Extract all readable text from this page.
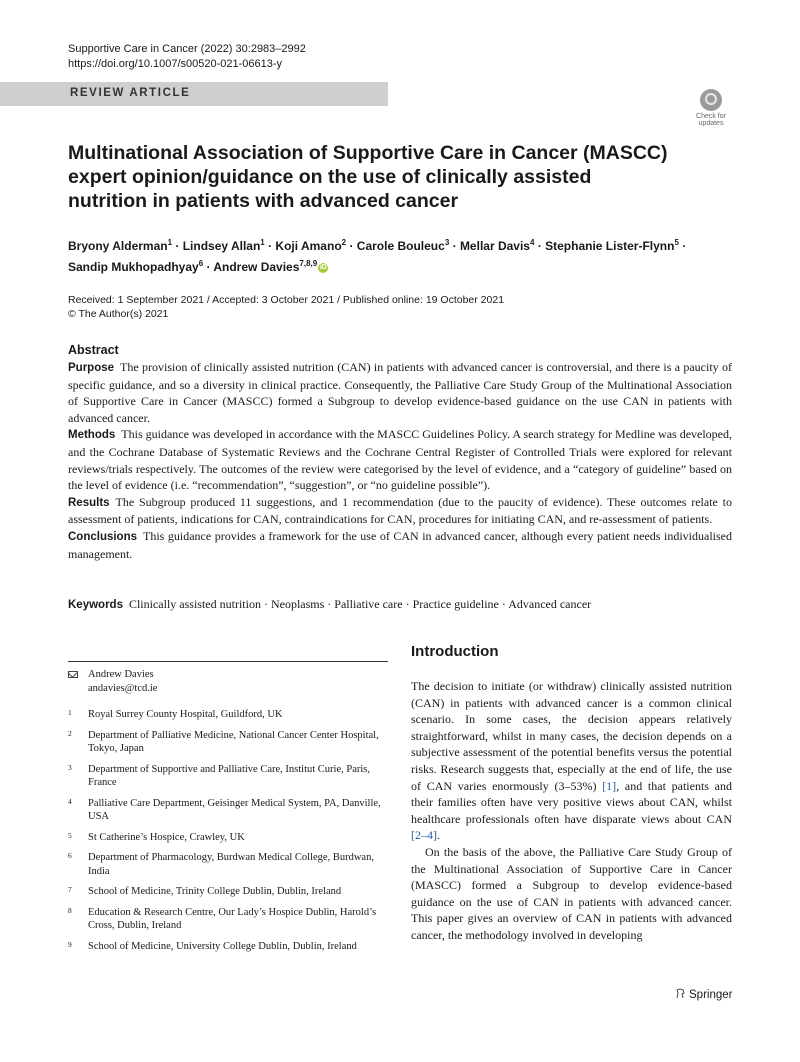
Supportive Care in Cancer (2022) 30:2983–2992
https://doi.org/10.1007/s00520-021-06613-y
REVIEW ARTICLE
Check for
updates
Multinational Association of Supportive Care in Cancer (MASCC) expert opinion/guidance on the use of clinically assisted nutrition in patients with advanced cancer
Bryony Alderman$^1$ · Lindsey Allan$^1$ · Koji Amano$^2$ · Carole Bouleuc$^3$ · Mellar Davis$^4$ · Stephanie Lister-Flynn$^5$ ·
Sandip Mukhopadhyay$^6$ · Andrew Davies$^{7,8,9}$ iD
Received: 1 September 2021 / Accepted: 3 October 2021 / Published online: 19 October 2021
© The Author(s) 2021
Abstract

Purpose The provision of clinically assisted nutrition (CAN) in patients with advanced cancer is controversial, and there is a paucity of specific guidance, and so a diversity in clinical practice. Consequently, the Palliative Care Study Group of the Multinational Association of Supportive Care in Cancer (MASCC) formed a Subgroup to develop evidence-based guidance on the use CAN in patients with advanced cancer.

Methods This guidance was developed in accordance with the MASCC Guidelines Policy. A search strategy for Medline was developed, and the Cochrane Database of Systematic Reviews and the Cochrane Central Register of Controlled Trials were explored for relevant reviews/trials respectively. The outcomes of the review were categorised by the level of evidence, and a “category of guideline” based on the level of evidence (i.e. “recommendation”, “suggestion”, or “no guideline possible”).

Results The Subgroup produced 11 suggestions, and 1 recommendation (due to the paucity of evidence). These outcomes relate to assessment of patients, indications for CAN, contraindications for CAN, procedures for initiating CAN, and re-assessment of patients.

Conclusions This guidance provides a framework for the use of CAN in advanced cancer, although every patient needs individualised management.

Keywords Clinically assisted nutrition · Neoplasms · Palliative care · Practice guideline · Advanced cancer
Andrew Davies
andavies@tcd.ie
1 Royal Surrey County Hospital, Guildford, UK
2 Department of Palliative Medicine, National Cancer Center Hospital, Tokyo, Japan
3 Department of Supportive and Palliative Care, Institut Curie, Paris, France
4 Palliative Care Department, Geisinger Medical System, PA, Danville, USA
5 St Catherine’s Hospice, Crawley, UK
6 Department of Pharmacology, Burdwan Medical College, Burdwan, India
7 School of Medicine, Trinity College Dublin, Dublin, Ireland
8 Education & Research Centre, Our Lady’s Hospice Dublin, Harold’s Cross, Dublin, Ireland
9 School of Medicine, University College Dublin, Dublin, Ireland
Introduction

The decision to initiate (or withdraw) clinically assisted nutrition (CAN) in patients with advanced cancer is a common clinical scenario. In some cases, the decision appears relatively straightforward, whilst in many cases, the decision depends on a subjective assessment of the potential benefits versus the potential risks. Research suggests that, especially at the end of life, the use of CAN varies enormously (3–53%) [1], and that patients and their families often have very positive views about CAN, whilst healthcare professionals often have disparate views about CAN [2–4].

On the basis of the above, the Palliative Care Study Group of the Multinational Association of Supportive Care in Cancer (MASCC) formed a Subgroup to develop evidence-based guidance on the use of CAN in patients with advanced cancer. This paper gives an overview of CAN in patients with advanced cancer, the methodology involved in developing

Springer
